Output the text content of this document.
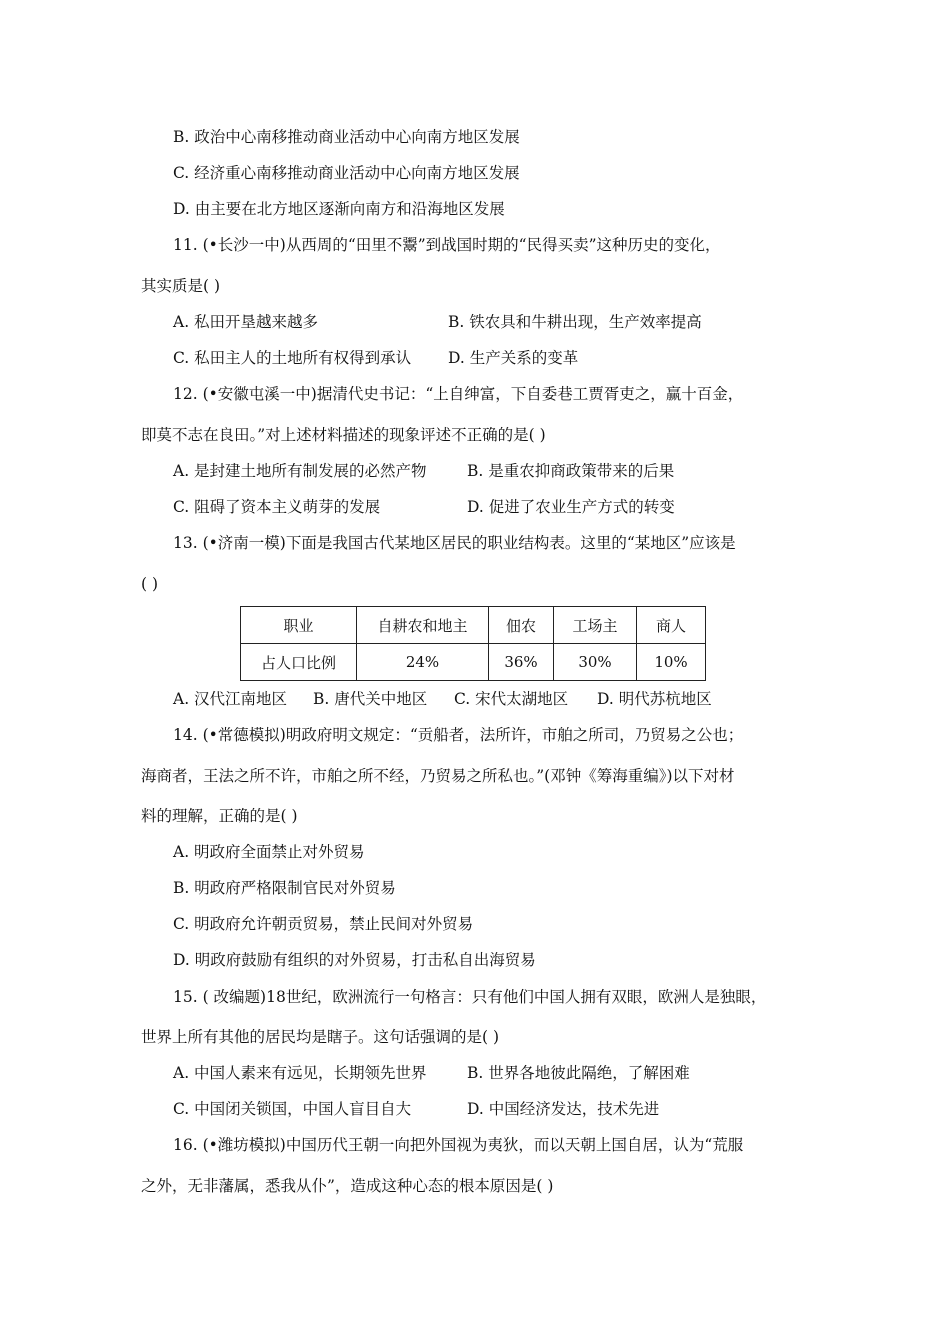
B. 政治中心南移推动商业活动中心向南方地区发展
C. 经济重心南移推动商业活动中心向南方地区发展
D. 由主要在北方地区逐渐向南方和沿海地区发展
11. (•长沙一中)从西周的“田里不鬻”到战国时期的“民得买卖”这种历史的变化，
其实质是( )
A. 私田开垦越来越多	B. 铁农具和牛耕出现，生产效率提高
C. 私田主人的土地所有权得到承认 D. 生产关系的变革
12. (•安徽屯溪一中)据清代史书记：“上自绅富，下自委巷工贾胥吏之，赢十百金，
即莫不志在良田。”对上述材料描述的现象评述不正确的是( )
A. 是封建土地所有制发展的必然产物	B. 是重农抑商政策带来的后果
C. 阻碍了资本主义萌芽的发展	D. 促进了农业生产方式的转变
13. (•济南一模)下面是我国古代某地区居民的职业结构表。这里的“某地区”应该是
( )
职业	自耕农和地主	佃农	工场主	商人
占人口比例	24%	36%	30%	10%
A. 汉代江南地区 B. 唐代关中地区 C. 宋代太湖地区 D. 明代苏杭地区
14. (•常德模拟)明政府明文规定：“贡船者，法所许，市舶之所司，乃贸易之公也；
海商者，王法之所不许，市舶之所不经，乃贸易之所私也。”(邓钟《筹海重编》)以下对材
料的理解，正确的是( )
A. 明政府全面禁止对外贸易
B. 明政府严格限制官民对外贸易
C. 明政府允许朝贡贸易，禁止民间对外贸易
D. 明政府鼓励有组织的对外贸易，打击私自出海贸易
15. ( 改编题)18世纪，欧洲流行一句格言：只有他们中国人拥有双眼，欧洲人是独眼，
世界上所有其他的居民均是瞎子。这句话强调的是( )
A. 中国人素来有远见，长期领先世界	B. 世界各地彼此隔绝，了解困难
C. 中国闭关锁国，中国人盲目自大	D. 中国经济发达，技术先进
16. (•潍坊模拟)中国历代王朝一向把外国视为夷狄，而以天朝上国自居，认为“荒服
之外，无非藩属，悉我从仆”，造成这种心态的根本原因是( )
